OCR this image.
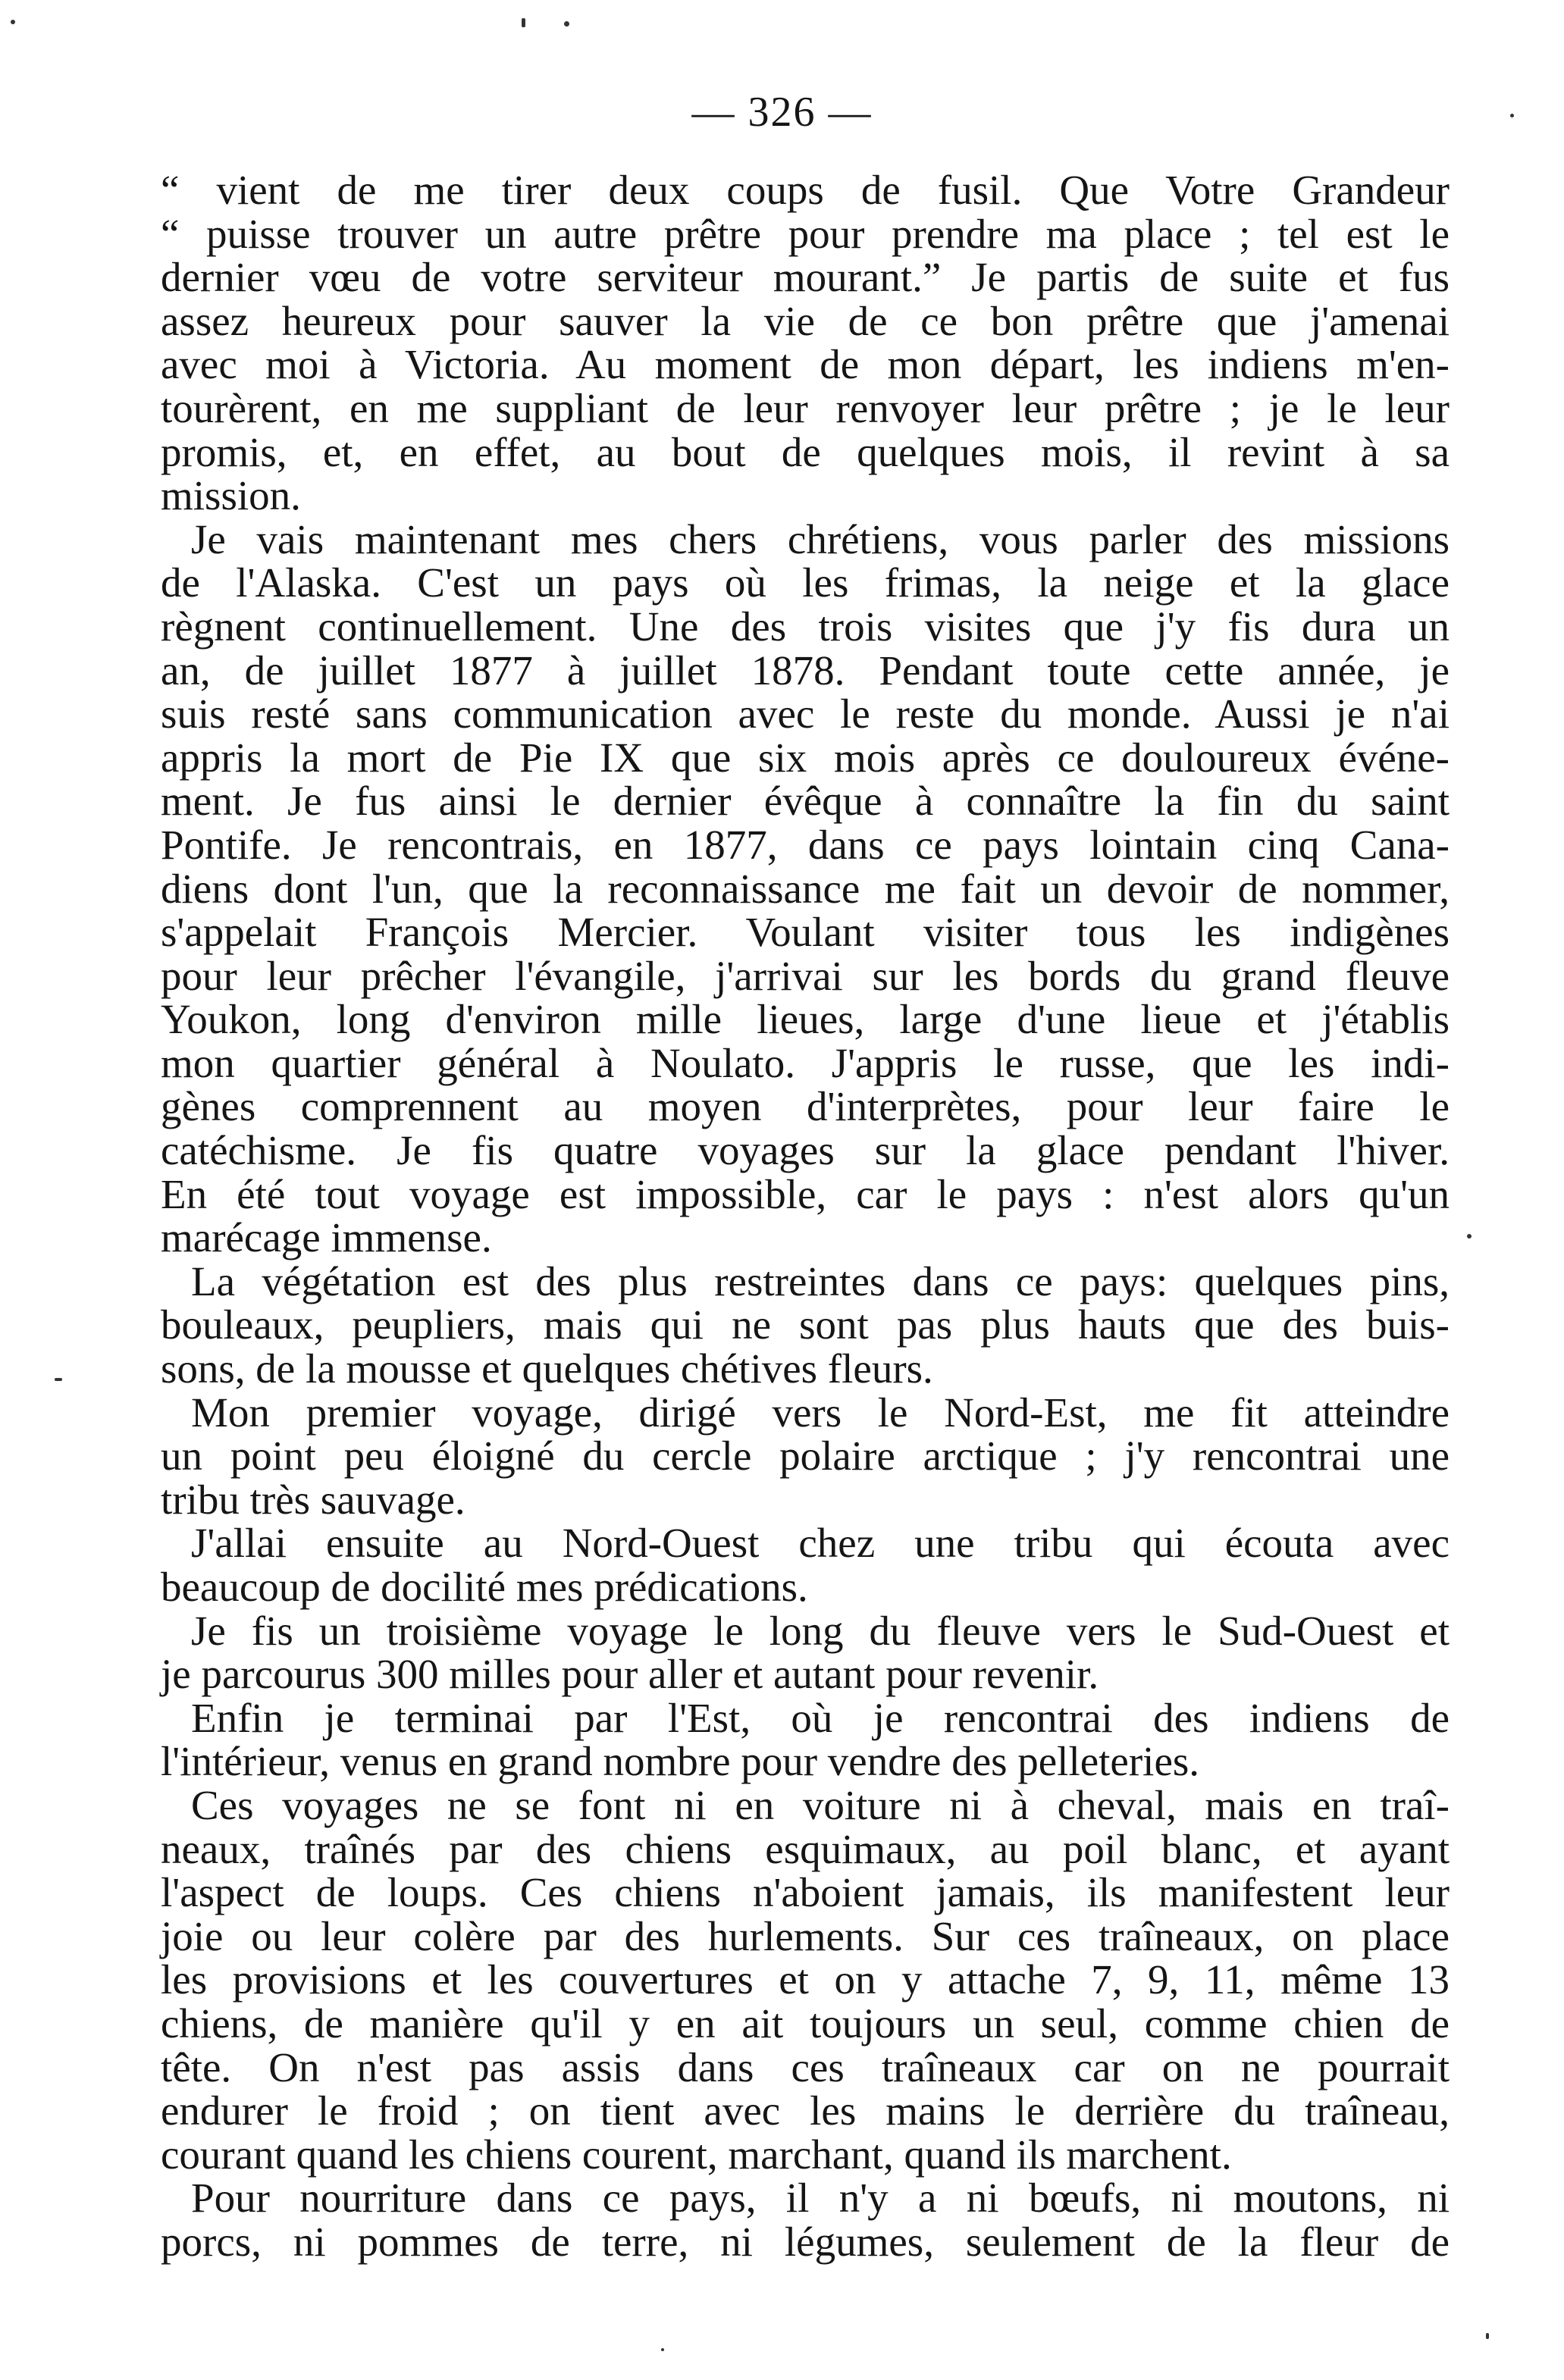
— 326 —
“ vient de me tirer deux coups de fusil. Que Votre Grandeur
“ puisse trouver un autre prêtre pour prendre ma place ; tel est le
dernier vœu de votre serviteur mourant.” Je partis de suite et fus
assez heureux pour sauver la vie de ce bon prêtre que j'amenai
avec moi à Victoria. Au moment de mon départ, les indiens m'en-
tourèrent, en me suppliant de leur renvoyer leur prêtre ; je le leur
promis, et, en effet, au bout de quelques mois, il revint à sa
mission.
Je vais maintenant mes chers chrétiens, vous parler des missions
de l'Alaska. C'est un pays où les frimas, la neige et la glace
règnent continuellement. Une des trois visites que j'y fis dura un
an, de juillet 1877 à juillet 1878. Pendant toute cette année, je
suis resté sans communication avec le reste du monde. Aussi je n'ai
appris la mort de Pie IX que six mois après ce douloureux événe-
ment. Je fus ainsi le dernier évêque à connaître la fin du saint
Pontife. Je rencontrais, en 1877, dans ce pays lointain cinq Cana-
diens dont l'un, que la reconnaissance me fait un devoir de nommer,
s'appelait François Mercier. Voulant visiter tous les indigènes
pour leur prêcher l'évangile, j'arrivai sur les bords du grand fleuve
Youkon, long d'environ mille lieues, large d'une lieue et j'établis
mon quartier général à Noulato. J'appris le russe, que les indi-
gènes comprennent au moyen d'interprètes, pour leur faire le
catéchisme. Je fis quatre voyages sur la glace pendant l'hiver.
En été tout voyage est impossible, car le pays : n'est alors qu'un
marécage immense.
La végétation est des plus restreintes dans ce pays: quelques pins,
bouleaux, peupliers, mais qui ne sont pas plus hauts que des buis-
sons, de la mousse et quelques chétives fleurs.
Mon premier voyage, dirigé vers le Nord-Est, me fit atteindre
un point peu éloigné du cercle polaire arctique ; j'y rencontrai une
tribu très sauvage.
J'allai ensuite au Nord-Ouest chez une tribu qui écouta avec
beaucoup de docilité mes prédications.
Je fis un troisième voyage le long du fleuve vers le Sud-Ouest et
je parcourus 300 milles pour aller et autant pour revenir.
Enfin je terminai par l'Est, où je rencontrai des indiens de
l'intérieur, venus en grand nombre pour vendre des pelleteries.
Ces voyages ne se font ni en voiture ni à cheval, mais en traî-
neaux, traînés par des chiens esquimaux, au poil blanc, et ayant
l'aspect de loups. Ces chiens n'aboient jamais, ils manifestent leur
joie ou leur colère par des hurlements. Sur ces traîneaux, on place
les provisions et les couvertures et on y attache 7, 9, 11, même 13
chiens, de manière qu'il y en ait toujours un seul, comme chien de
tête. On n'est pas assis dans ces traîneaux car on ne pourrait
endurer le froid ; on tient avec les mains le derrière du traîneau,
courant quand les chiens courent, marchant, quand ils marchent.
Pour nourriture dans ce pays, il n'y a ni bœufs, ni moutons, ni
porcs, ni pommes de terre, ni légumes, seulement de la fleur de
